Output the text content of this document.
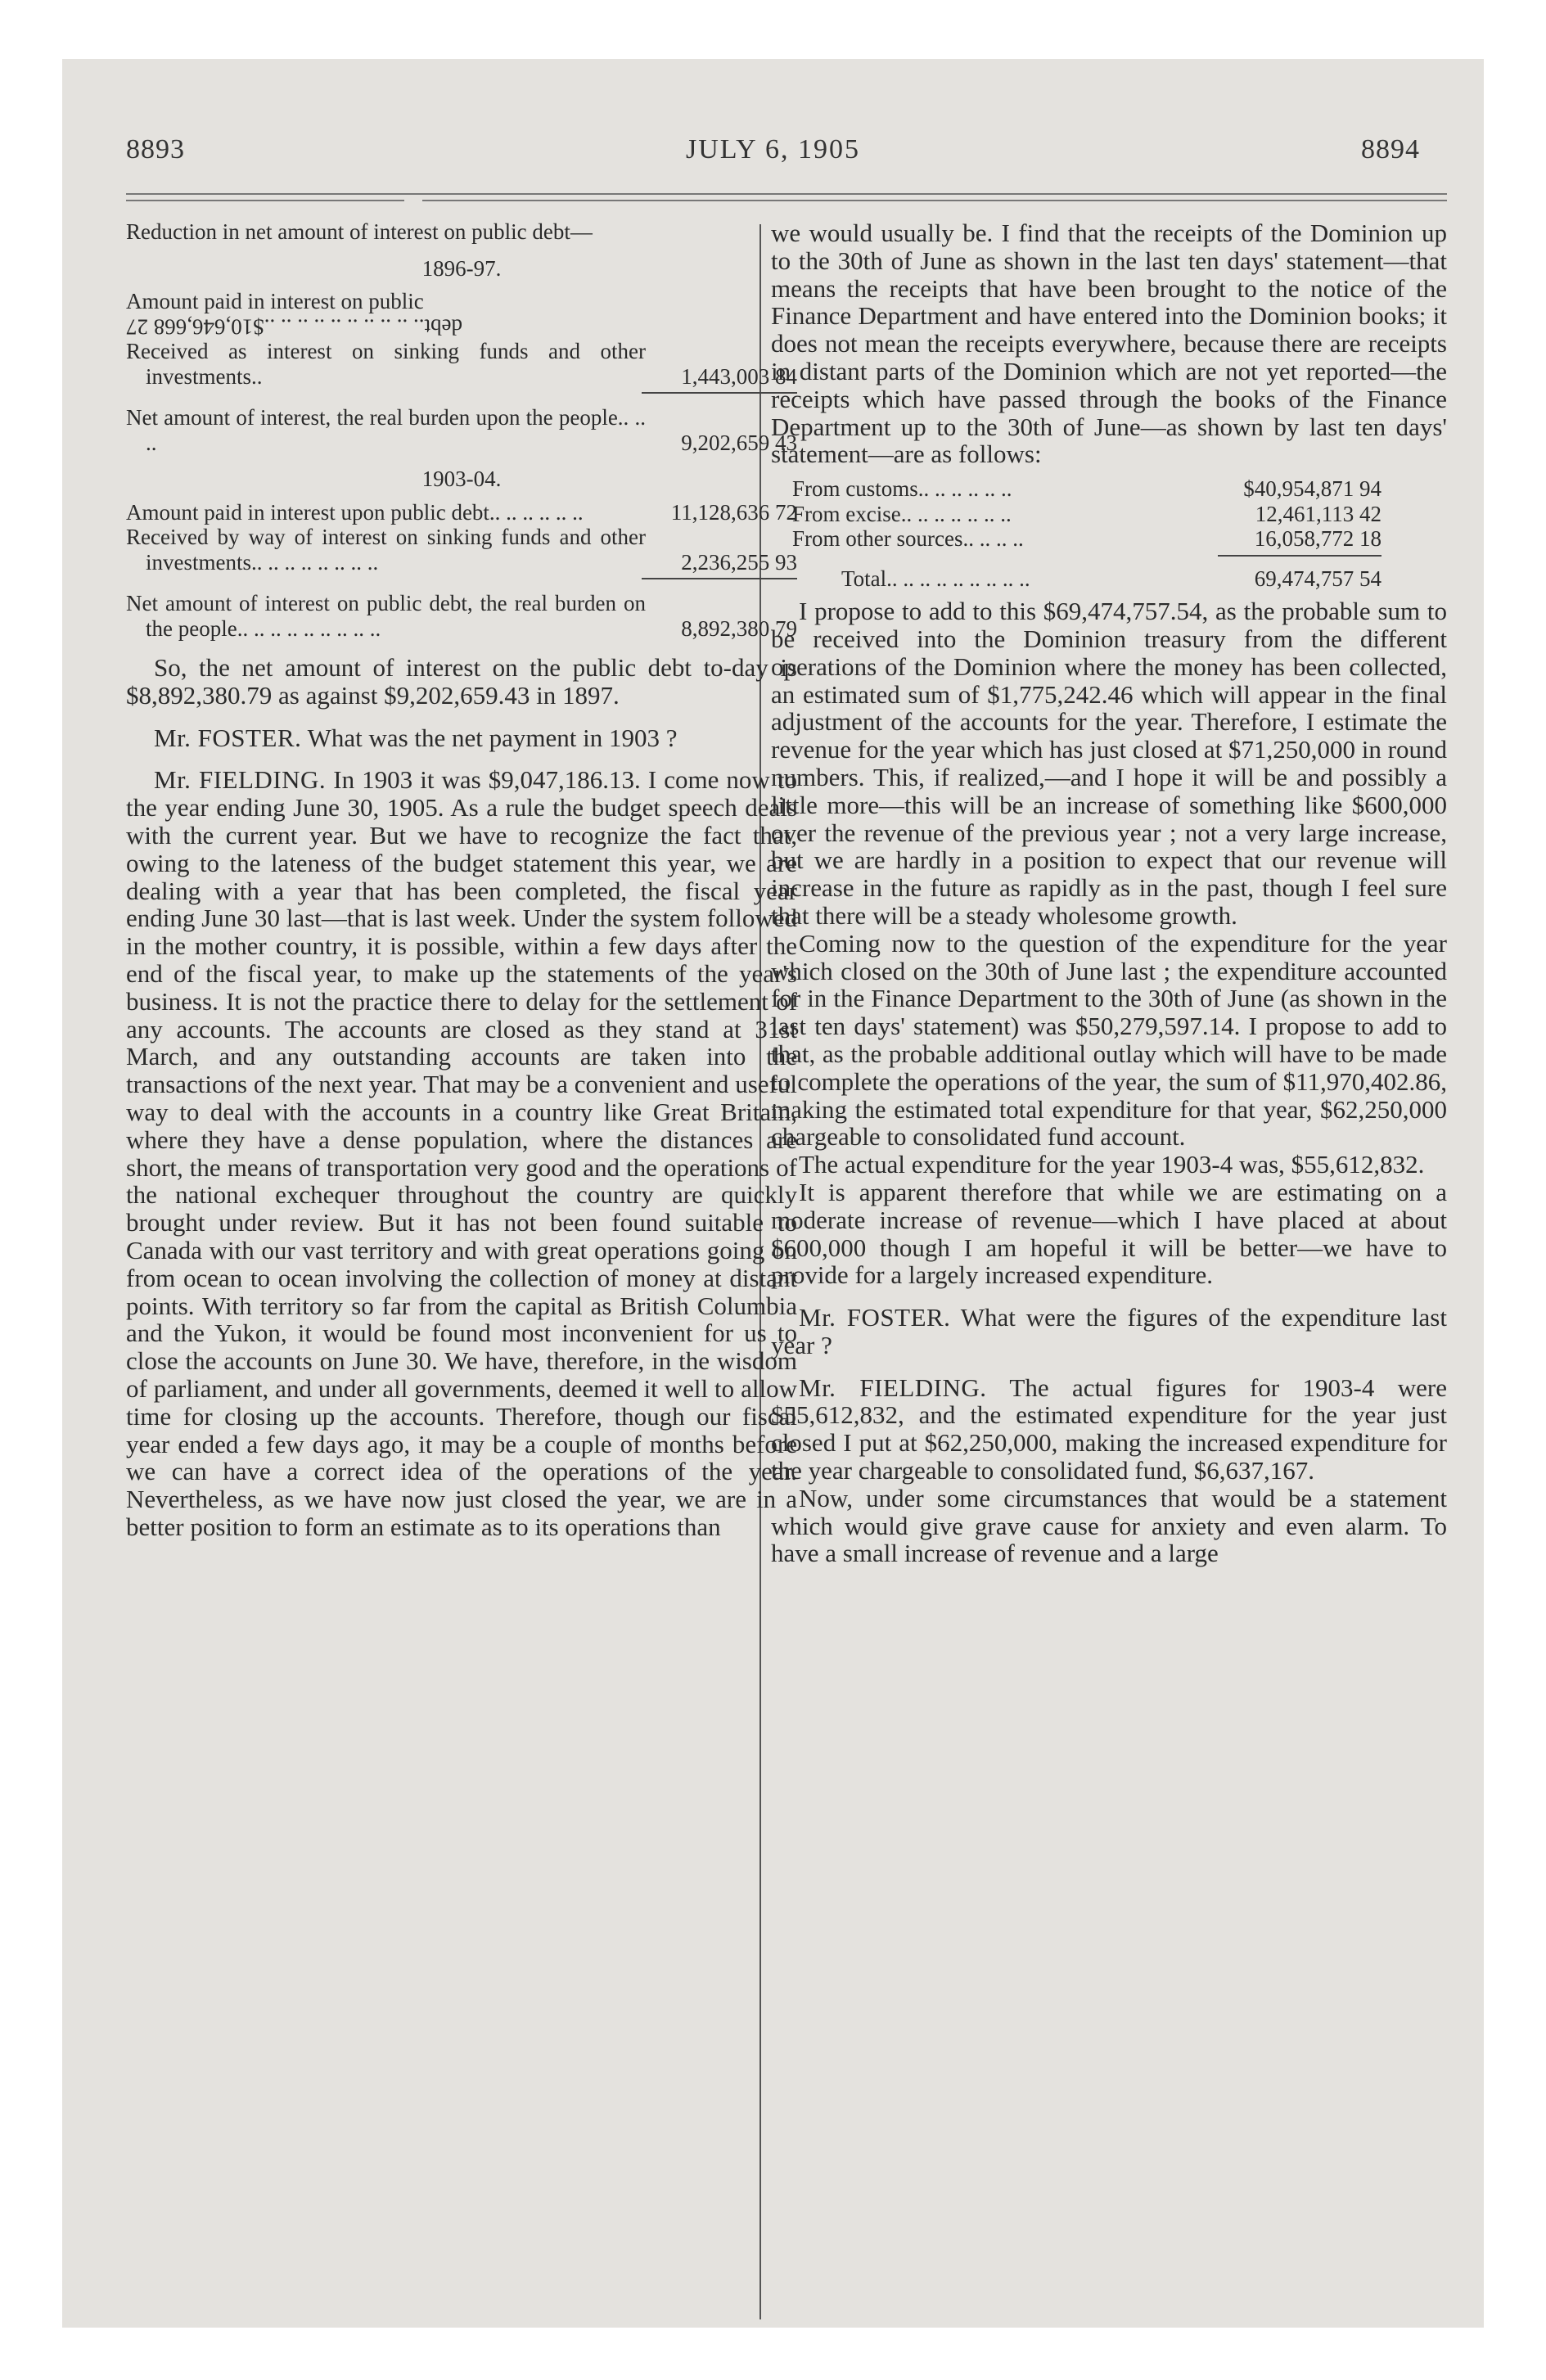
8893	JULY 6, 1905	8894
Reduction in net amount of interest on public debt—
1896-97.
Amount paid in interest on public	
debt.. .. .. .. .. .. .. .. .. ..$10,646,668 27	
Received as interest on sinking funds and other investments..	1,443,003 84
Net amount of interest, the real burden upon the people.. .. ..	9,202,659 43
1903-04.
Amount paid in interest upon public debt.. .. .. .. .. ..	11,128,636 72
Received by way of interest on sinking funds and other investments.. .. .. .. .. .. .. ..	2,236,255 93
Net amount of interest on public debt, the real burden on the people.. .. .. .. .. .. .. .. ..	8,892,380 79

So, the net amount of interest on the public debt to-day is $8,892,380.79 as against $9,202,659.43 in 1897.

Mr. FOSTER. What was the net payment in 1903 ?

Mr. FIELDING. In 1903 it was $9,047,186.13. I come now to the year ending June 30, 1905. As a rule the budget speech deals with the current year. But we have to recognize the fact that, owing to the lateness of the budget statement this year, we are dealing with a year that has been completed, the fiscal year ending June 30 last—that is last week. Under the system followed in the mother country, it is possible, within a few days after the end of the fiscal year, to make up the statements of the year's business. It is not the practice there to delay for the settlement of any accounts. The accounts are closed as they stand at 31st March, and any outstanding accounts are taken into the transactions of the next year. That may be a convenient and useful way to deal with the accounts in a country like Great Britain, where they have a dense population, where the distances are short, the means of transportation very good and the operations of the national exchequer throughout the country are quickly brought under review. But it has not been found suitable to Canada with our vast territory and with great operations going on from ocean to ocean involving the collection of money at distant points. With territory so far from the capital as British Columbia and the Yukon, it would be found most inconvenient for us to close the accounts on June 30. We have, therefore, in the wisdom of parliament, and under all governments, deemed it well to allow time for closing up the accounts. Therefore, though our fiscal year ended a few days ago, it may be a couple of months before we can have a correct idea of the operations of the year. Nevertheless, as we have now just closed the year, we are in a better position to form an estimate as to its operations than

we would usually be. I find that the receipts of the Dominion up to the 30th of June as shown in the last ten days' statement—that means the receipts that have been brought to the notice of the Finance Department and have entered into the Dominion books; it does not mean the receipts everywhere, because there are receipts in distant parts of the Dominion which are not yet reported—the receipts which have passed through the books of the Finance Department up to the 30th of June—as shown by last ten days' statement—are as follows:

From customs.. .. .. .. .. ..	$40,954,871 94
From excise.. .. .. .. .. .. ..	12,461,113 42
From other sources.. .. .. ..	16,058,772 18
Total.. .. .. .. .. .. .. .. ..	69,474,757 54

I propose to add to this $69,474,757.54, as the probable sum to be received into the Dominion treasury from the different operations of the Dominion where the money has been collected, an estimated sum of $1,775,242.46 which will appear in the final adjustment of the accounts for the year. Therefore, I estimate the revenue for the year which has just closed at $71,250,000 in round numbers. This, if realized,—and I hope it will be and possibly a little more—this will be an increase of something like $600,000 over the revenue of the previous year ; not a very large increase, but we are hardly in a position to expect that our revenue will increase in the future as rapidly as in the past, though I feel sure that there will be a steady wholesome growth.

Coming now to the question of the expenditure for the year which closed on the 30th of June last ; the expenditure accounted for in the Finance Department to the 30th of June (as shown in the last ten days' statement) was $50,279,597.14. I propose to add to that, as the probable additional outlay which will have to be made to complete the operations of the year, the sum of $11,970,402.86, making the estimated total expenditure for that year, $62,250,000 chargeable to consolidated fund account.

The actual expenditure for the year 1903-4 was, $55,612,832.

It is apparent therefore that while we are estimating on a moderate increase of revenue—which I have placed at about $600,000 though I am hopeful it will be better—we have to provide for a largely increased expenditure.

Mr. FOSTER. What were the figures of the expenditure last year ?

Mr. FIELDING. The actual figures for 1903-4 were $55,612,832, and the estimated expenditure for the year just closed I put at $62,250,000, making the increased expenditure for the year chargeable to consolidated fund, $6,637,167.

Now, under some circumstances that would be a statement which would give grave cause for anxiety and even alarm. To have a small increase of revenue and a large
